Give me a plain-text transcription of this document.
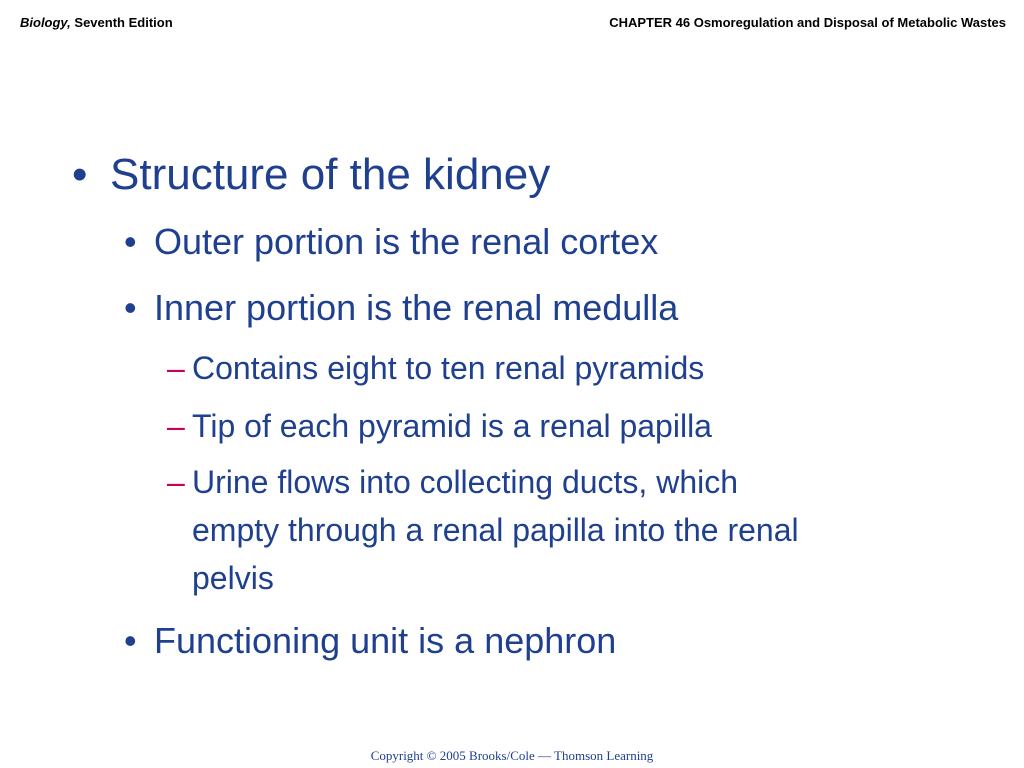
Biology, Seventh Edition	CHAPTER 46 Osmoregulation and Disposal of Metabolic Wastes
• Structure of the kidney
• Outer portion is the renal cortex
• Inner portion is the renal medulla
– Contains eight to ten renal pyramids
– Tip of each pyramid is a renal papilla
– Urine flows into collecting ducts, which
empty through a renal papilla into the renal
pelvis
• Functioning unit is a nephron
Copyright © 2005 Brooks/Cole — Thomson Learning
